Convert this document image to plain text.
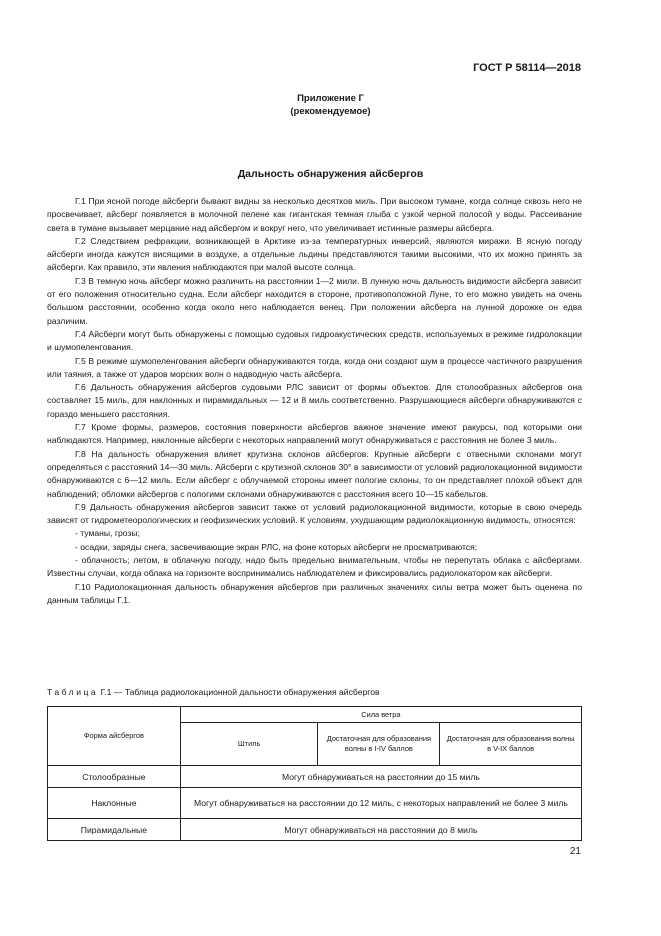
ГОСТ Р 58114—2018
Приложение Г
(рекомендуемое)
Дальность обнаружения айсбергов

Г.1 При ясной погоде айсберги бывают видны за несколько десятков миль. При высоком тумане, когда солнце сквозь него не просвечивает, айсберг появляется в молочной пелене как гигантская темная глыба с узкой черной полосой у воды. Рассеивание света в тумане вызывает мерцание над айсбергом и вокруг него, что увеличивает истинные размеры айсберга.

Г.2 Следствием рефракции, возникающей в Арктике из-за температурных инверсий, являются миражи. В ясную погоду айсберги иногда кажутся висящими в воздухе, а отдельные льдины представляются такими высокими, что их можно принять за айсберги. Как правило, эти явления наблюдаются при малой высоте солнца.

Г.3 В темную ночь айсберг можно различить на расстоянии 1—2 мили. В лунную ночь дальность видимости айсберга зависит от его положения относительно судна. Если айсберг находится в стороне, противоположной Луне, то его можно увидеть на очень большом расстоянии, особенно когда около него наблюдается венец. При положении айсберга на лунной дорожке он едва различим.

Г.4 Айсберги могут быть обнаружены с помощью судовых гидроакустических средств, используемых в режиме гидролокации и шумопеленгования.

Г.5 В режиме шумопеленгования айсберги обнаруживаются тогда, когда они создают шум в процессе частичного разрушения или таяния, а также от ударов морских волн о надводную часть айсберга.

Г.6 Дальность обнаружения айсбергов судовыми РЛС зависит от формы объектов. Для столообразных айсбергов она составляет 15 миль, для наклонных и пирамидальных — 12 и 8 миль соответственно. Разрушающиеся айсберги обнаруживаются с гораздо меньшего расстояния.

Г.7 Кроме формы, размеров, состояния поверхности айсбергов важное значение имеют ракурсы, под которыми они наблюдаются. Например, наклонные айсберги с некоторых направлений могут обнаруживаться с расстояния не более 3 миль.

Г.8 На дальность обнаружения влияет крутизна склонов айсбергов. Крупные айсберги с отвесными склонами могут определяться с расстояний 14—30 миль. Айсберги с крутизной склонов 30° в зависимости от условий радиолокационной видимости обнаруживаются с 6—12 миль. Если айсберг с облучаемой стороны имеет пологие склоны, то он представляет плохой объект для наблюдений; обломки айсбергов с пологими склонами обнаруживаются с расстояния всего 10—15 кабельтов.

Г.9 Дальность обнаружения айсбергов зависит также от условий радиолокационной видимости, которые в свою очередь зависят от гидрометеорологических и геофизических условий. К условиям, ухудшающим радиолокационную видимость, относятся:

- туманы, грозы;

- осадки, заряды снега, засвечивающие экран РЛС, на фоне которых айсберги не просматриваются;

- облачность; летом, в облачную погоду, надо быть предельно внимательным, чтобы не перепутать облака с айсбергами. Известны случаи, когда облака на горизонте воспринимались наблюдателем и фиксировались радиолокатором как айсберги.

Г.10 Радиолокационная дальность обнаружения айсбергов при различных значениях силы ветра может быть оценена по данным таблицы Г.1.

Таблица Г.1 — Таблица радиолокационной дальности обнаружения айсбергов
Форма айсбергов	Сила ветра		
	Штиль	Достаточная для образования волны в I-IV баллов	Достаточная для образования волны в V-IX баллов
Столообразные	Могут обнаруживаться на расстоянии до 15 миль		
Наклонные	Могут обнаруживаться на расстоянии до 12 миль, с некоторых направлений не более 3 миль		
Пирамидальные	Могут обнаруживаться на расстоянии до 8 миль		
21
